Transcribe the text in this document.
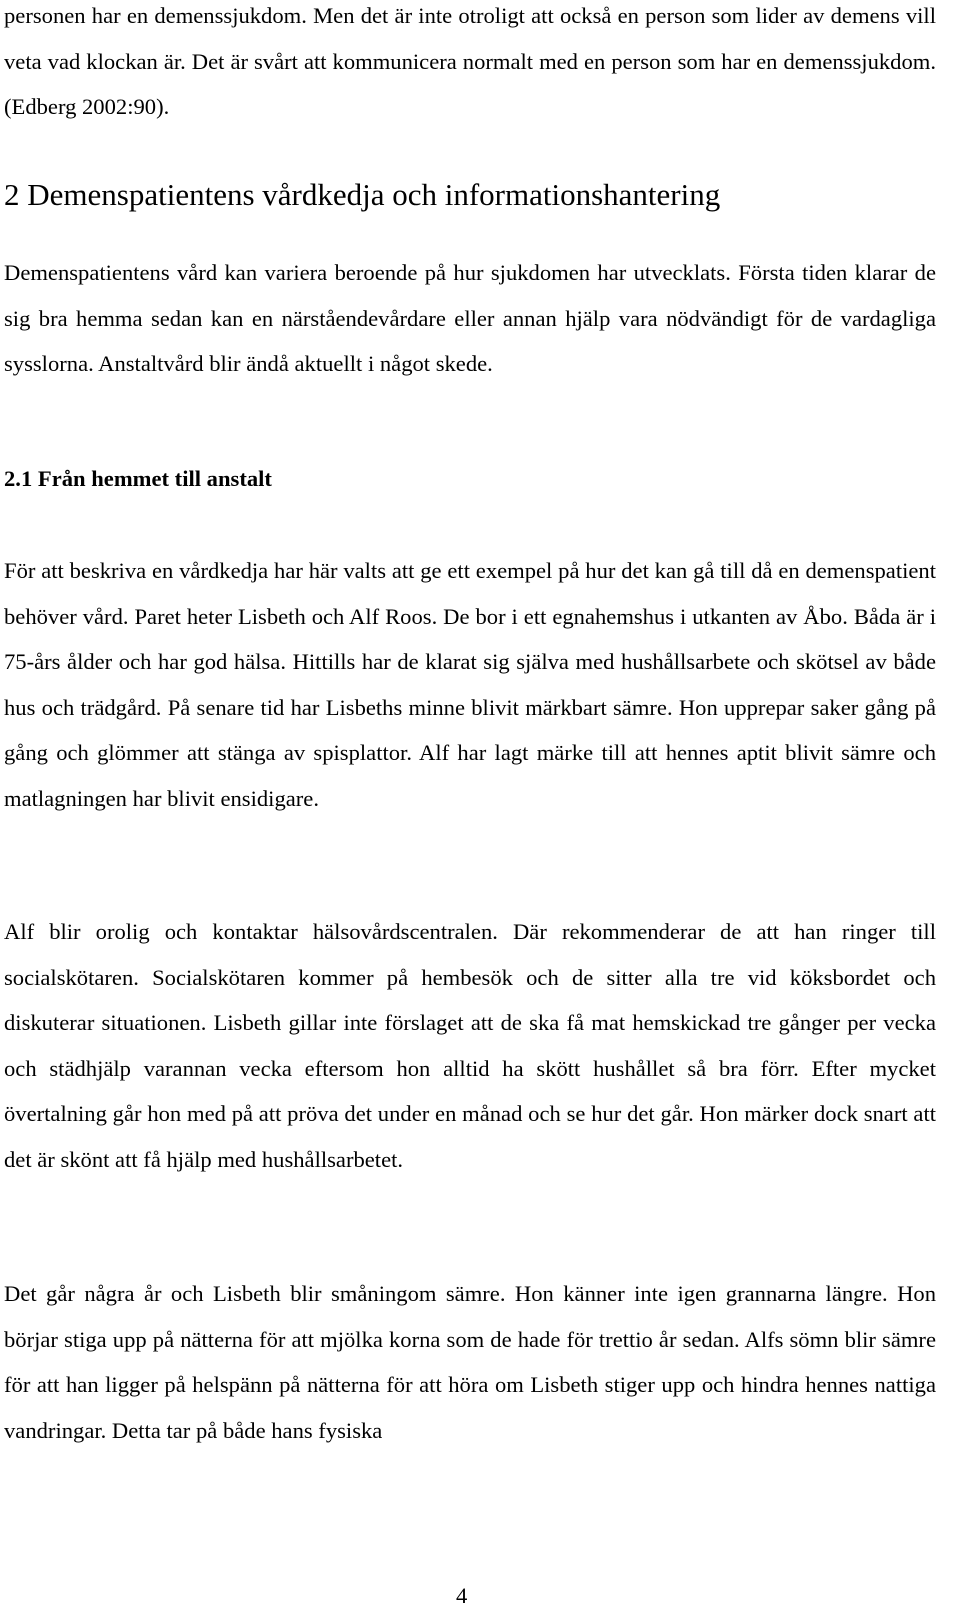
personen har en demenssjukdom. Men det är inte otroligt att också en person som lider av demens vill veta vad klockan är. Det är svårt att kommunicera normalt med en person som har en demenssjukdom. (Edberg 2002:90).

2 Demenspatientens vårdkedja och informationshantering

Demenspatientens vård kan variera beroende på hur sjukdomen har utvecklats. Första tiden klarar de sig bra hemma sedan kan en närståendevårdare eller annan hjälp vara nödvändigt för de vardagliga sysslorna. Anstaltvård blir ändå aktuellt i något skede.

2.1 Från hemmet till anstalt

För att beskriva en vårdkedja har här valts att ge ett exempel på hur det kan gå till då en demenspatient behöver vård. Paret heter Lisbeth och Alf Roos. De bor i ett egnahemshus i utkanten av Åbo. Båda är i 75-års ålder och har god hälsa. Hittills har de klarat sig själva med hushållsarbete och skötsel av både hus och trädgård. På senare tid har Lisbeths minne blivit märkbart sämre. Hon upprepar saker gång på gång och glömmer att stänga av spisplattor. Alf har lagt märke till att hennes aptit blivit sämre och matlagningen har blivit ensidigare.

Alf blir orolig och kontaktar hälsovårdscentralen. Där rekommenderar de att han ringer till socialskötaren. Socialskötaren kommer på hembesök och de sitter alla tre vid köksbordet och diskuterar situationen. Lisbeth gillar inte förslaget att de ska få mat hemskickad tre gånger per vecka och städhjälp varannan vecka eftersom hon alltid ha skött hushållet så bra förr. Efter mycket övertalning går hon med på att pröva det under en månad och se hur det går. Hon märker dock snart att det är skönt att få hjälp med hushållsarbetet.

Det går några år och Lisbeth blir småningom sämre. Hon känner inte igen grannarna längre. Hon börjar stiga upp på nätterna för att mjölka korna som de hade för trettio år sedan. Alfs sömn blir sämre för att han ligger på helspänn på nätterna för att höra om Lisbeth stiger upp och hindra hennes nattiga vandringar. Detta tar på både hans fysiska

4
